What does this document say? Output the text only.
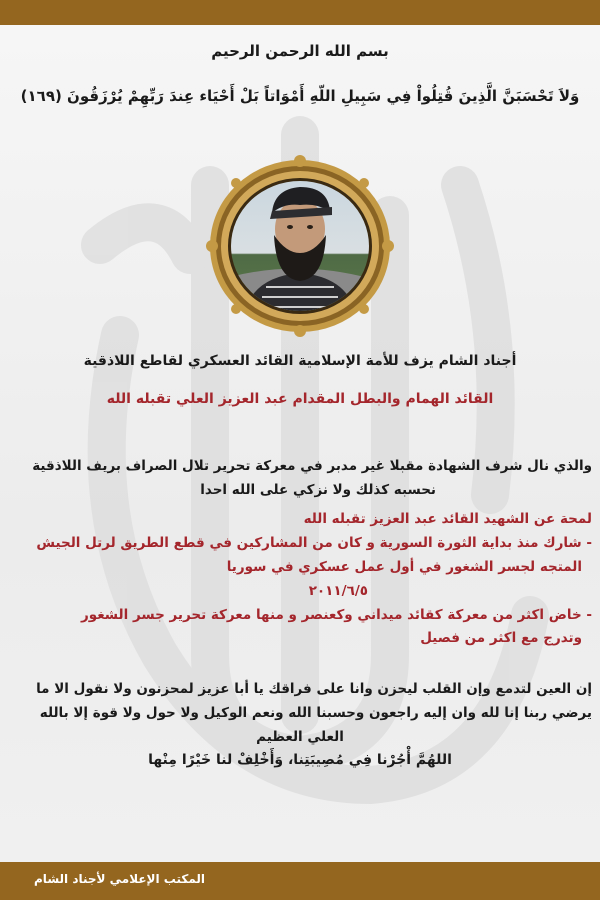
بسم الله الرحمن الرحيم
وَلاَ تَحْسَبَنَّ الَّذِينَ قُتِلُواْ فِي سَبِيلِ اللّهِ أَمْوَاتاً بَلْ أَحْيَاء عِندَ رَبِّهِمْ يُرْزَقُونَ (١٦٩)
أجناد الشام يزف للأمة الإسلامية القائد العسكري لقاطع اللاذقية
القائد الهمام والبطل المقدام عبد العزيز العلي تقبله الله
والذي نال شرف الشهادة مقبلا غير مدبر في معركة تحرير تلال الصراف بريف اللاذقية
نحسبه كذلك ولا نزكي على الله احدا
لمحة عن الشهيد القائد عبد العزيز تقبله الله
- شارك منذ بداية الثورة السورية و كان من المشاركين في قطع الطريق لرتل الجيش
المتجه لجسر الشغور في أول عمل عسكري في سوريا
٢٠١١/٦/٥
- خاض اكثر من معركة كقائد ميداني وكعنصر و منها معركة تحرير جسر الشغور
وتدرج مع اكثر من فصيل
إن العين لتدمع وإن القلب ليحزن وانا على فراقك يا أبا عزيز لمحزنون ولا نقول الا ما
يرضي ربنا إنا لله وان إليه راجعون وحسبنا الله ونعم الوكيل ولا حول ولا قوة إلا بالله
العلي العظيم
اللهُمَّ أْجُرْنا فِي مُصِيبَتِنا، وَأَخْلِفْ لنا خَيْرًا مِنْها
المكتب الإعلامي لأجناد الشام
